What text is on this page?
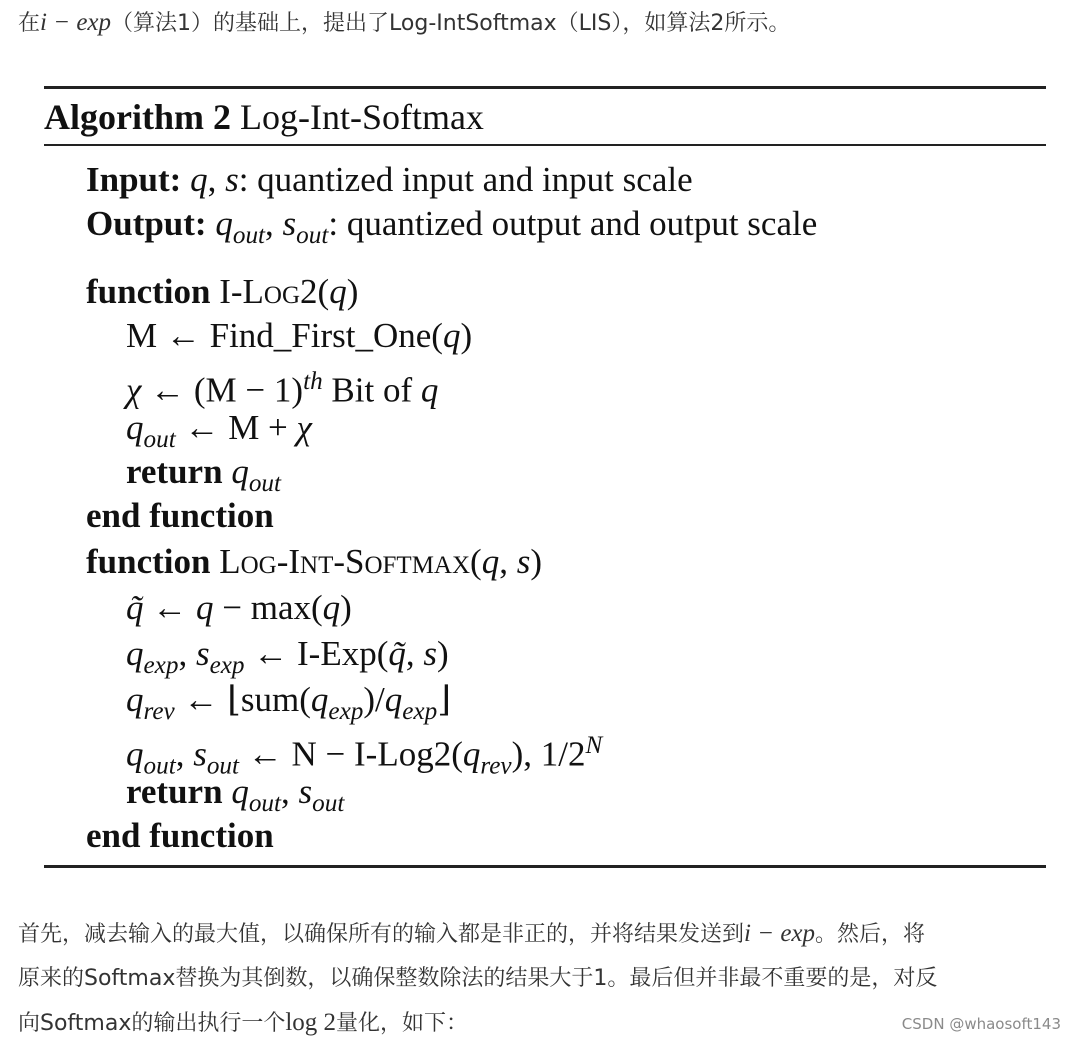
在i − exp（算法1）的基础上，提出了Log-IntSoftmax（LIS），如算法2所示。
Algorithm 2 Log-Int-Softmax
Input: q, s: quantized input and input scale
Output: $q_{out}$, $s_{out}$: quantized output and output scale
function I-Log2(q)
M ← Find_First_One(q)
χ ← $(M - 1)^{th}$ Bit of q
$q_{out}$ ← M + χ
return $q_{out}$
end function
function Log-Int-Softmax(q, s)
q̃ ← q − max(q)
$q_{exp}$, $s_{exp}$ ← I-Exp(q̃, s)
$q_{rev}$ ← $⌊sum(q_{exp})/q_{exp}⌋$
$q_{out}$, $s_{out}$ ← $N - I-Log2(q_{rev})$, $1/2^N$
return $q_{out}$, $s_{out}$
end function

首先，减去输入的最大值，以确保所有的输入都是非正的，并将结果发送到i − exp。然后，将

原来的Softmax替换为其倒数，以确保整数除法的结果大于1。最后但并非最不重要的是，对反

向Softmax的输出执行一个log 2量化，如下：	CSDN @whaosoft143
